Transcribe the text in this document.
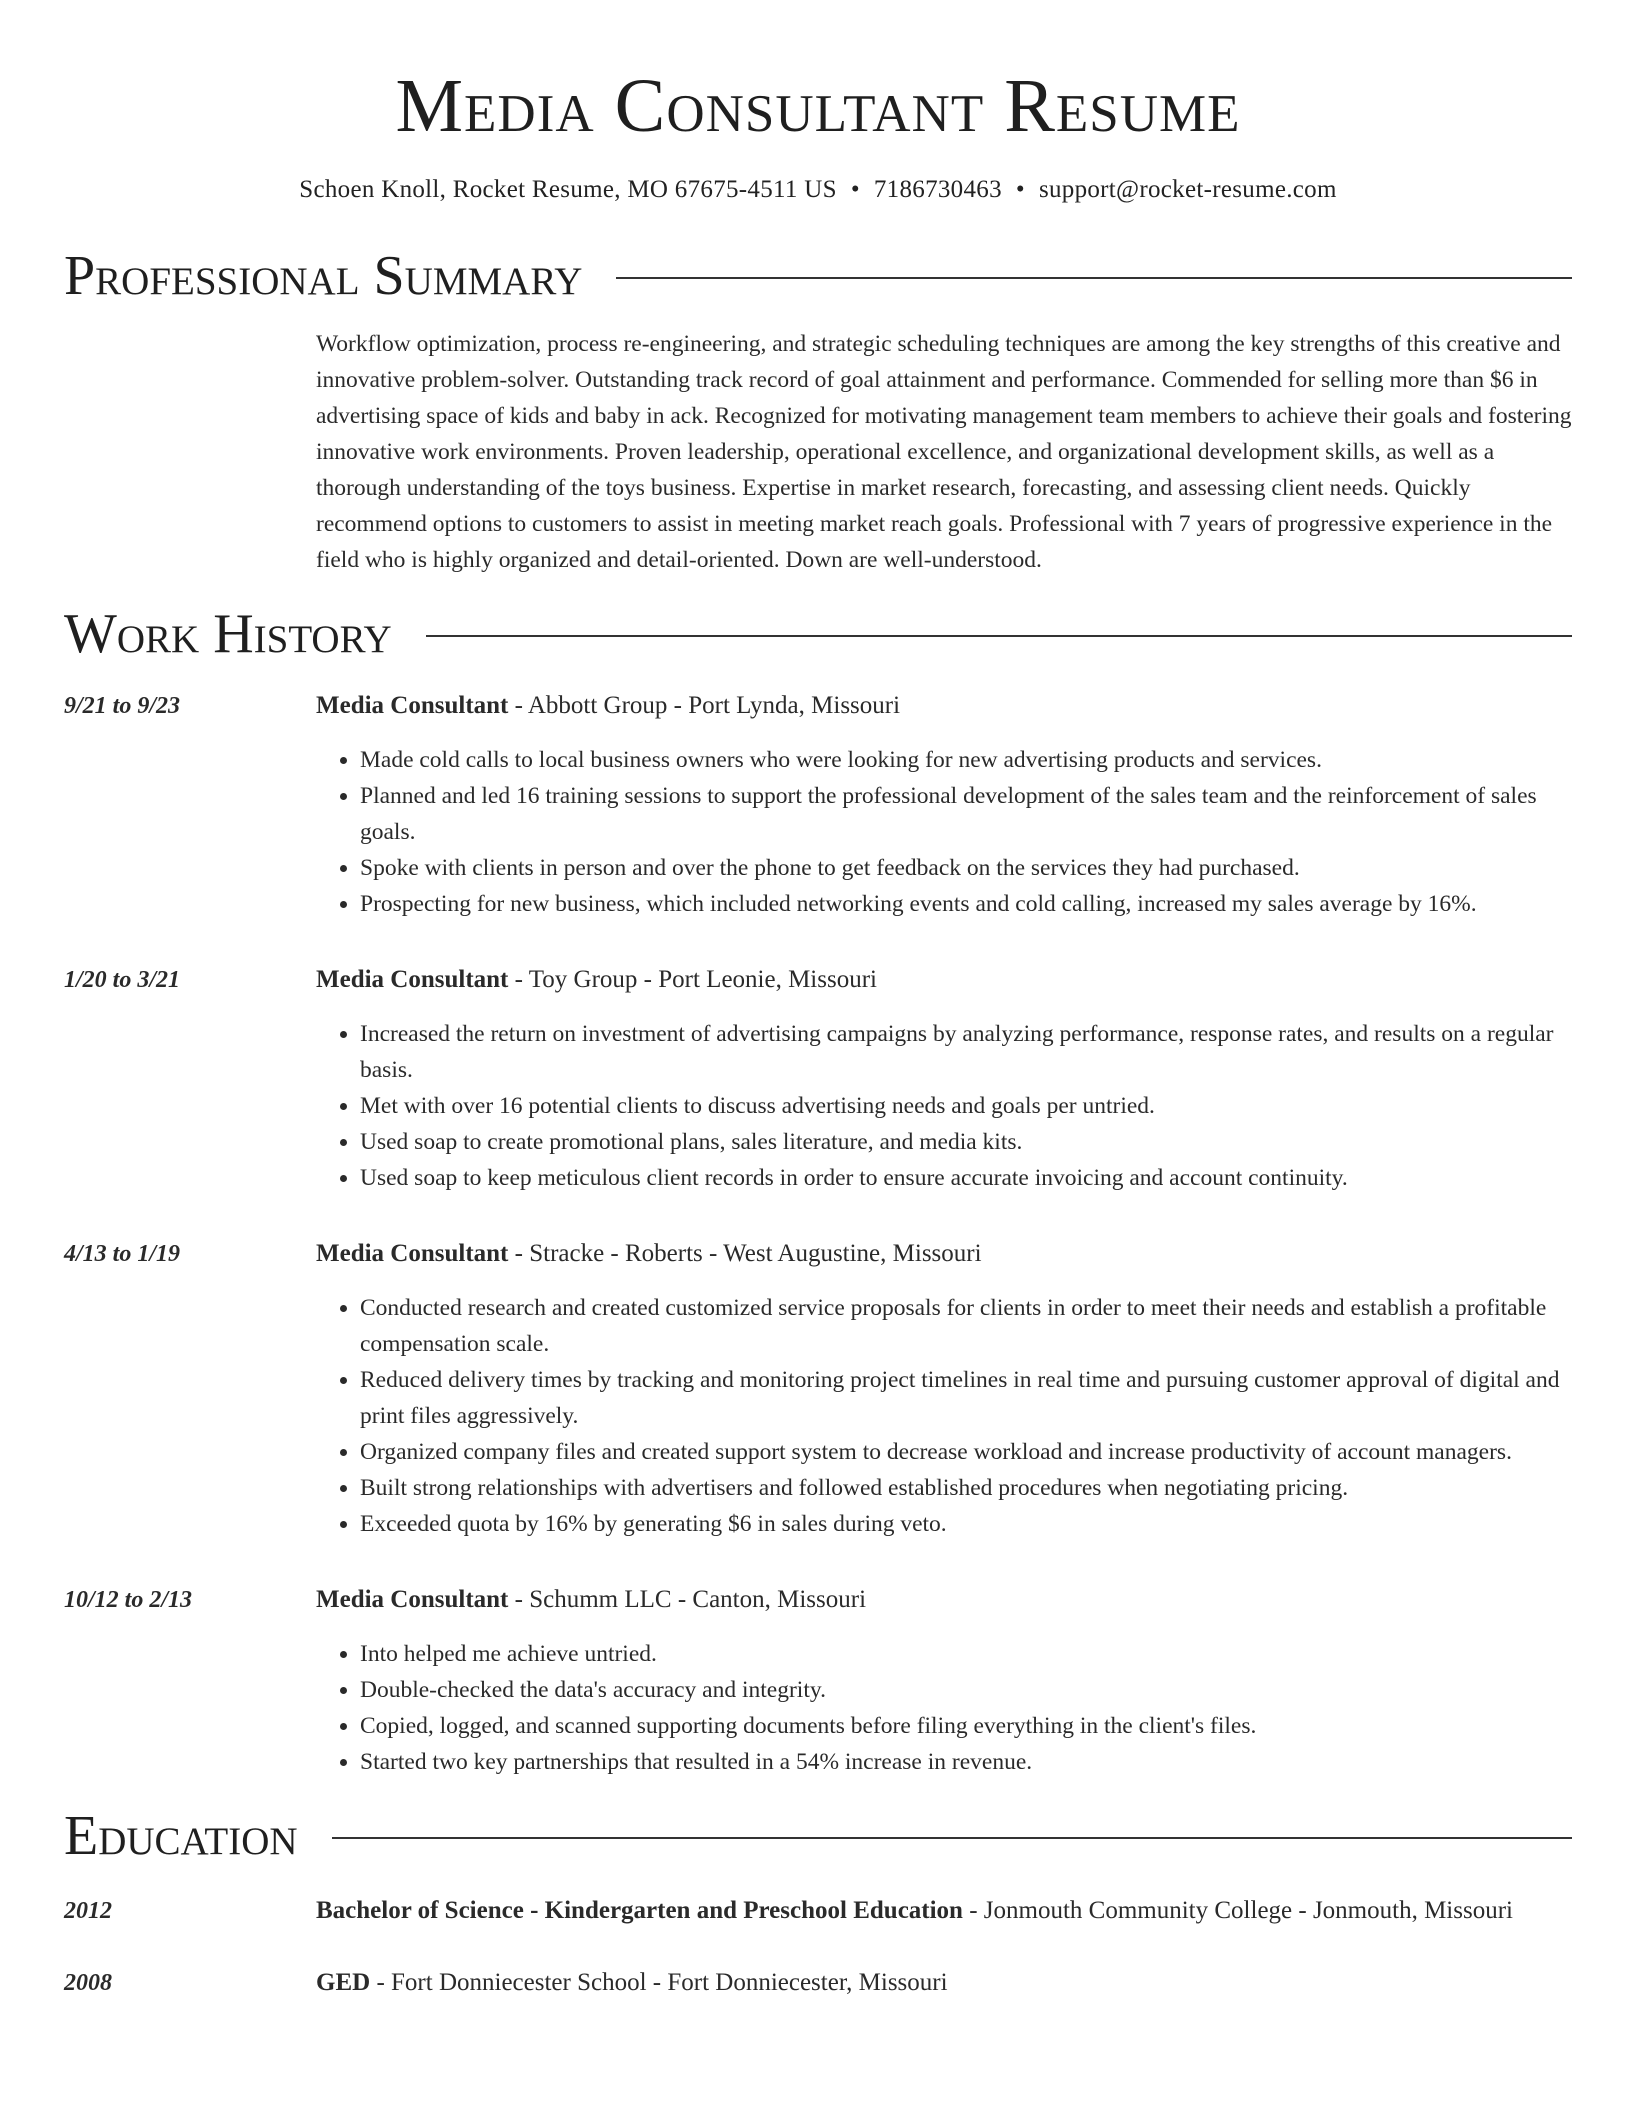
Media Consultant Resume
Schoen Knoll, Rocket Resume, MO 67675-4511 US • 7186730463 • support@rocket-resume.com
Professional Summary
Workflow optimization, process re-engineering, and strategic scheduling techniques are among the key strengths of this creative and innovative problem-solver. Outstanding track record of goal attainment and performance. Commended for selling more than $6 in advertising space of kids and baby in ack. Recognized for motivating management team members to achieve their goals and fostering innovative work environments. Proven leadership, operational excellence, and organizational development skills, as well as a thorough understanding of the toys business. Expertise in market research, forecasting, and assessing client needs. Quickly recommend options to customers to assist in meeting market reach goals. Professional with 7 years of progressive experience in the field who is highly organized and detail-oriented. Down are well-understood.
Work History
9/21 to 9/23	Media Consultant - Abbott Group - Port Lynda, Missouri
• Made cold calls to local business owners who were looking for new advertising products and services.
• Planned and led 16 training sessions to support the professional development of the sales team and the reinforcement of sales goals.
• Spoke with clients in person and over the phone to get feedback on the services they had purchased.
• Prospecting for new business, which included networking events and cold calling, increased my sales average by 16%.
1/20 to 3/21	Media Consultant - Toy Group - Port Leonie, Missouri
• Increased the return on investment of advertising campaigns by analyzing performance, response rates, and results on a regular basis.
• Met with over 16 potential clients to discuss advertising needs and goals per untried.
• Used soap to create promotional plans, sales literature, and media kits.
• Used soap to keep meticulous client records in order to ensure accurate invoicing and account continuity.
4/13 to 1/19	Media Consultant - Stracke - Roberts - West Augustine, Missouri
• Conducted research and created customized service proposals for clients in order to meet their needs and establish a profitable compensation scale.
• Reduced delivery times by tracking and monitoring project timelines in real time and pursuing customer approval of digital and print files aggressively.
• Organized company files and created support system to decrease workload and increase productivity of account managers.
• Built strong relationships with advertisers and followed established procedures when negotiating pricing.
• Exceeded quota by 16% by generating $6 in sales during veto.
10/12 to 2/13	Media Consultant - Schumm LLC - Canton, Missouri
• Into helped me achieve untried.
• Double-checked the data's accuracy and integrity.
• Copied, logged, and scanned supporting documents before filing everything in the client's files.
• Started two key partnerships that resulted in a 54% increase in revenue.
Education
2012	Bachelor of Science - Kindergarten and Preschool Education - Jonmouth Community College - Jonmouth, Missouri
2008	GED - Fort Donniecester School - Fort Donniecester, Missouri
